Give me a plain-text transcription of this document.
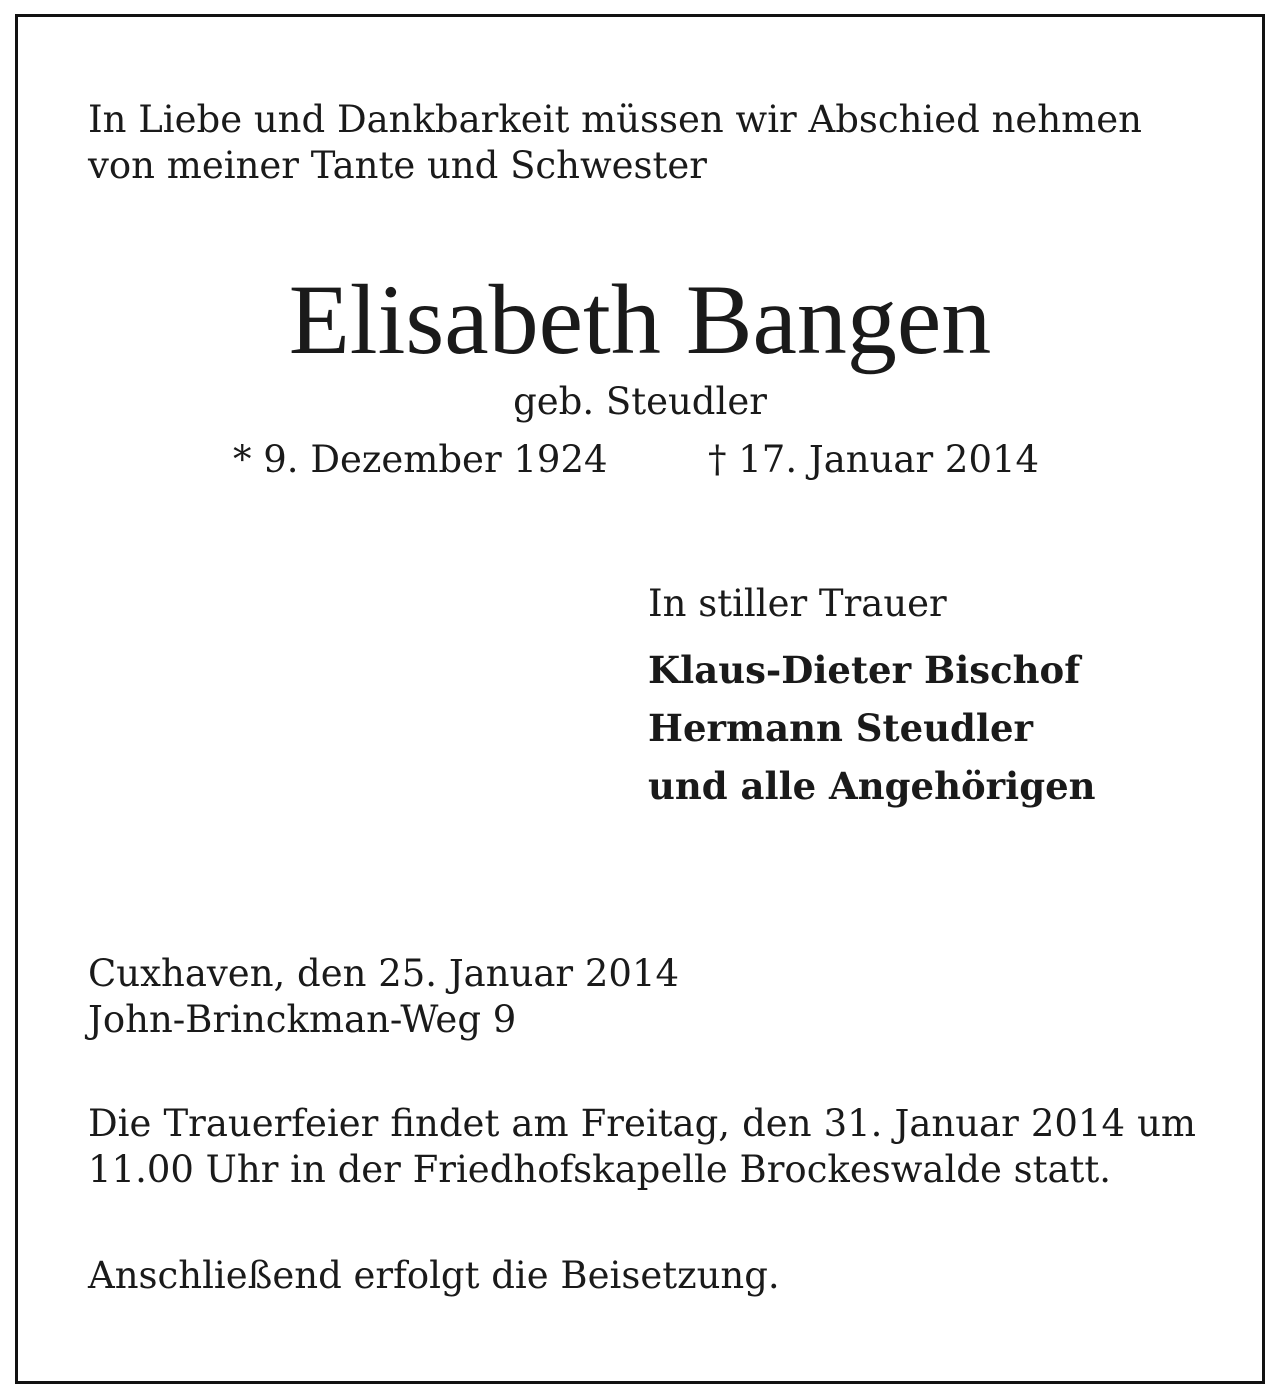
In Liebe und Dankbarkeit müssen wir Abschied nehmen
von meiner Tante und Schwester

Elisabeth Bangen
geb. Steudler
* 9. Dezember 1924	† 17. Januar 2014
In stiller Trauer
Klaus-Dieter Bischof
Hermann Steudler
und alle Angehörigen
Cuxhaven, den 25. Januar 2014
John-Brinckman-Weg 9

Die Trauerfeier findet am Freitag, den 31. Januar 2014 um 11.00 Uhr in der Friedhofskapelle Brockeswalde statt.

Anschließend erfolgt die Beisetzung.
